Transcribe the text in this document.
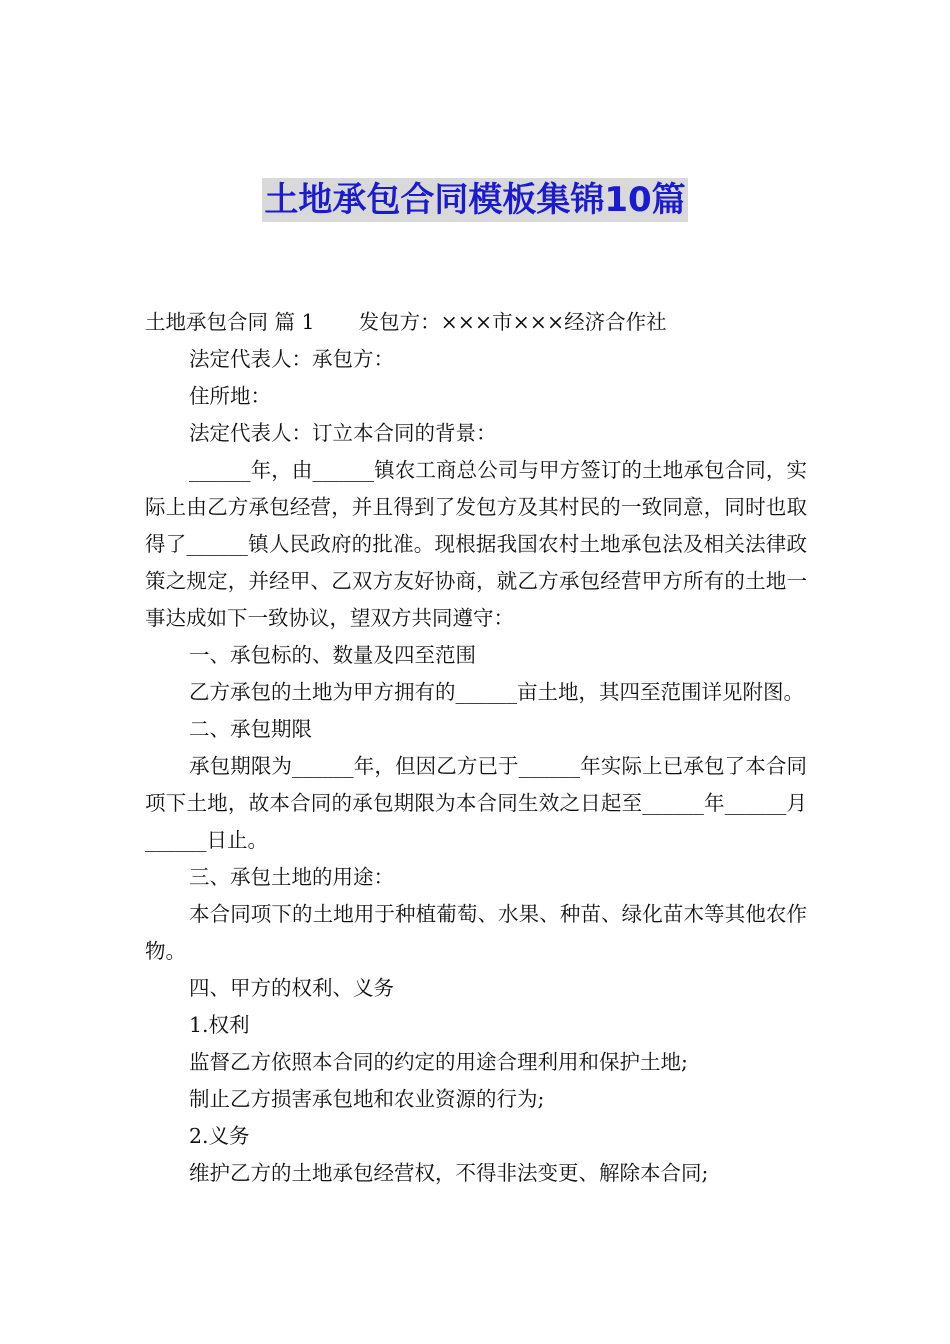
土地承包合同模板集锦10篇

土地承包合同 篇 1 发包方：×××市×××经济合作社

法定代表人：承包方：

住所地：

法定代表人：订立本合同的背景：

______年，由______镇农工商总公司与甲方签订的土地承包合同，实际上由乙方承包经营，并且得到了发包方及其村民的一致同意，同时也取得了______镇人民政府的批准。现根据我国农村土地承包法及相关法律政策之规定，并经甲、乙双方友好协商，就乙方承包经营甲方所有的土地一事达成如下一致协议，望双方共同遵守：

一、承包标的、数量及四至范围

乙方承包的土地为甲方拥有的______亩土地，其四至范围详见附图。

二、承包期限

承包期限为______年，但因乙方已于______年实际上已承包了本合同项下土地，故本合同的承包期限为本合同生效之日起至______年______月______日止。

三、承包土地的用途：

本合同项下的土地用于种植葡萄、水果、种苗、绿化苗木等其他农作物。

四、甲方的权利、义务

1.权利

监督乙方依照本合同的约定的用途合理利用和保护土地;

制止乙方损害承包地和农业资源的行为;

2.义务

维护乙方的土地承包经营权，不得非法变更、解除本合同;
